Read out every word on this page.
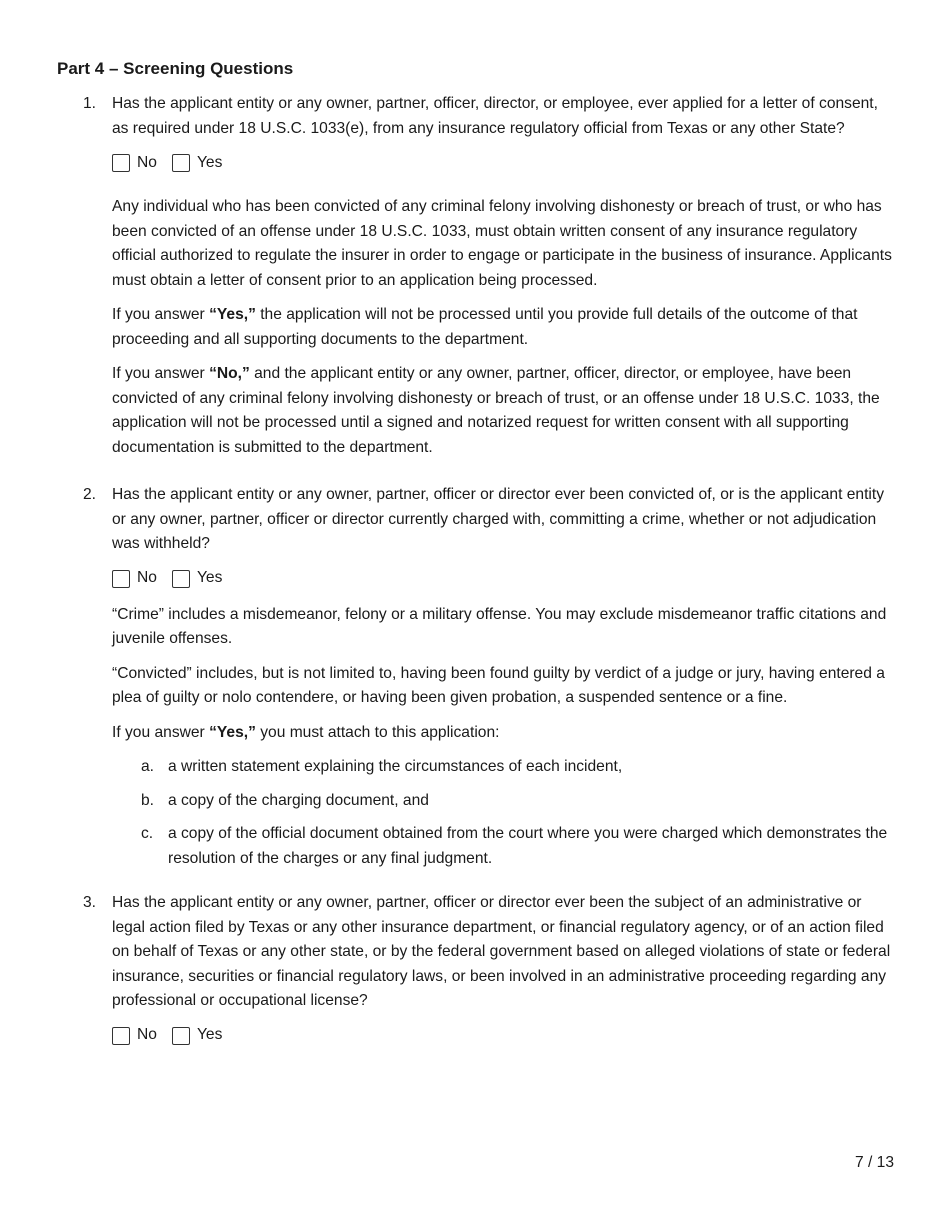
Part 4 – Screening Questions
1.	Has the applicant entity or any owner, partner, officer, director, or employee, ever applied for a letter of consent, as required under 18 U.S.C. 1033(e), from any insurance regulatory official from Texas or any other State?
No	Yes

Any individual who has been convicted of any criminal felony involving dishonesty or breach of trust, or who has been convicted of an offense under 18 U.S.C. 1033, must obtain written consent of any insurance regulatory official authorized to regulate the insurer in order to engage or participate in the business of insurance. Applicants must obtain a letter of consent prior to an application being processed.

If you answer “Yes,” the application will not be processed until you provide full details of the outcome of that proceeding and all supporting documents to the department.

If you answer “No,” and the applicant entity or any owner, partner, officer, director, or employee, have been convicted of any criminal felony involving dishonesty or breach of trust, or an offense under 18 U.S.C. 1033, the application will not be processed until a signed and notarized request for written consent with all supporting documentation is submitted to the department.

2.	Has the applicant entity or any owner, partner, officer or director ever been convicted of, or is the applicant entity or any owner, partner, officer or director currently charged with, committing a crime, whether or not adjudication was withheld?
No	Yes

“Crime” includes a misdemeanor, felony or a military offense. You may exclude misdemeanor traffic citations and juvenile offenses.

“Convicted” includes, but is not limited to, having been found guilty by verdict of a judge or jury, having entered a plea of guilty or nolo contendere, or having been given probation, a suspended sentence or a fine.

If you answer “Yes,” you must attach to this application:

a. a written statement explaining the circumstances of each incident,
b. a copy of the charging document, and
c. a copy of the official document obtained from the court where you were charged which demonstrates the resolution of the charges or any final judgment.
3.	Has the applicant entity or any owner, partner, officer or director ever been the subject of an administrative or legal action filed by Texas or any other insurance department, or financial regulatory agency, or of an action filed on behalf of Texas or any other state, or by the federal government based on alleged violations of state or federal insurance, securities or financial regulatory laws, or been involved in an administrative proceeding regarding any professional or occupational license?
No	Yes
7 / 13
